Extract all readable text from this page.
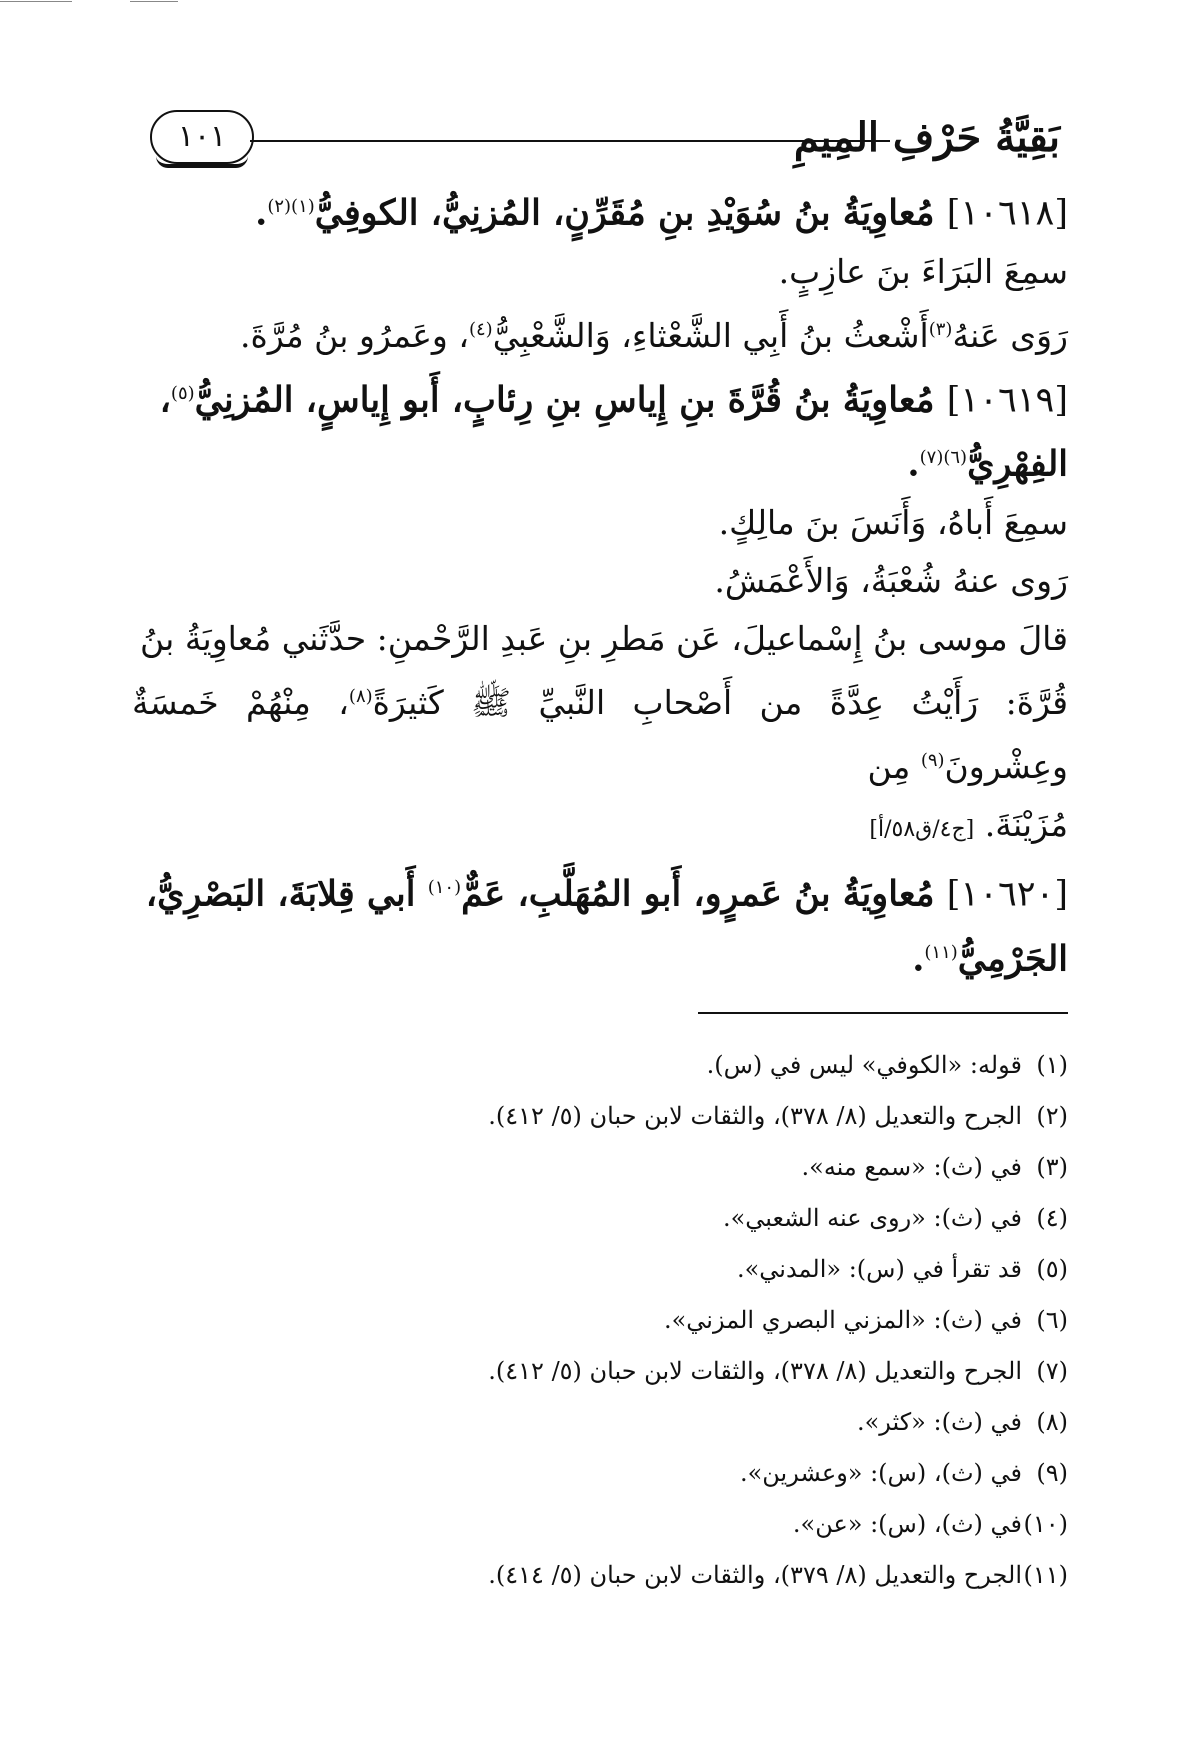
بَقِيَّةُ حَرْفِ المِيمِ
١٠١

[١٠٦١٨] مُعاوِيَةُ بنُ سُوَيْدِ بنِ مُقَرِّنٍ، المُزنِيُّ، الكوفِيُّ$^{(١)(٢)}$.

سمِعَ البَرَاءَ بنَ عازِبٍ.

رَوَى عَنهُ$^{(٣)}$أَشْعثُ بنُ أَبِي الشَّعْثاءِ، وَالشَّعْبِيُّ$^{(٤)}$، وعَمرُو بنُ مُرَّةَ.

[١٠٦١٩] مُعاوِيَةُ بنُ قُرَّةَ بنِ إِياسِ بنِ رِئابٍ، أَبو إِياسٍ، المُزنِيُّ$^{(٥)}$،

الفِهْرِيُّ$^{(٦)(٧)}$.

سمِعَ أَباهُ، وَأَنَسَ بنَ مالِكٍ.

رَوى عنهُ شُعْبَةُ، وَالأَعْمَشُ.

قالَ موسى بنُ إِسْماعيلَ، عَن مَطرِ بنِ عَبدِ الرَّحْمنِ: حدَّثَني مُعاوِيَةُ بنُ

قُرَّةَ: رَأَيْتُ عِدَّةً من أَصْحابِ النَّبيِّ ﷺ كَثيرَةً$^{(٨)}$، مِنْهُمْ خَمسَةٌ وعِشْرونَ$^{(٩)}$ مِن

مُزَيْنَةَ. [ج٤/ق٥٨/أ]

[١٠٦٢٠] مُعاوِيَةُ بنُ عَمرٍو، أَبو المُهَلَّبِ، عَمٌّ$^{(١٠)}$ أَبي قِلابَةَ، البَصْرِيُّ،

الجَرْمِيُّ$^{(١١)}$.

(١)قوله: «الكوفي» ليس في (س).

(٢)الجرح والتعديل (٨/ ٣٧٨)، والثقات لابن حبان (٥/ ٤١٢).

(٣)في (ث): «سمع منه».

(٤)في (ث): «روى عنه الشعبي».

(٥)قد تقرأ في (س): «المدني».

(٦)في (ث): «المزني البصري المزني».

(٧)الجرح والتعديل (٨/ ٣٧٨)، والثقات لابن حبان (٥/ ٤١٢).

(٨)في (ث): «كثر».

(٩)في (ث)، (س): «وعشرين».

(١٠)في (ث)، (س): «عن».

(١١)الجرح والتعديل (٨/ ٣٧٩)، والثقات لابن حبان (٥/ ٤١٤).
